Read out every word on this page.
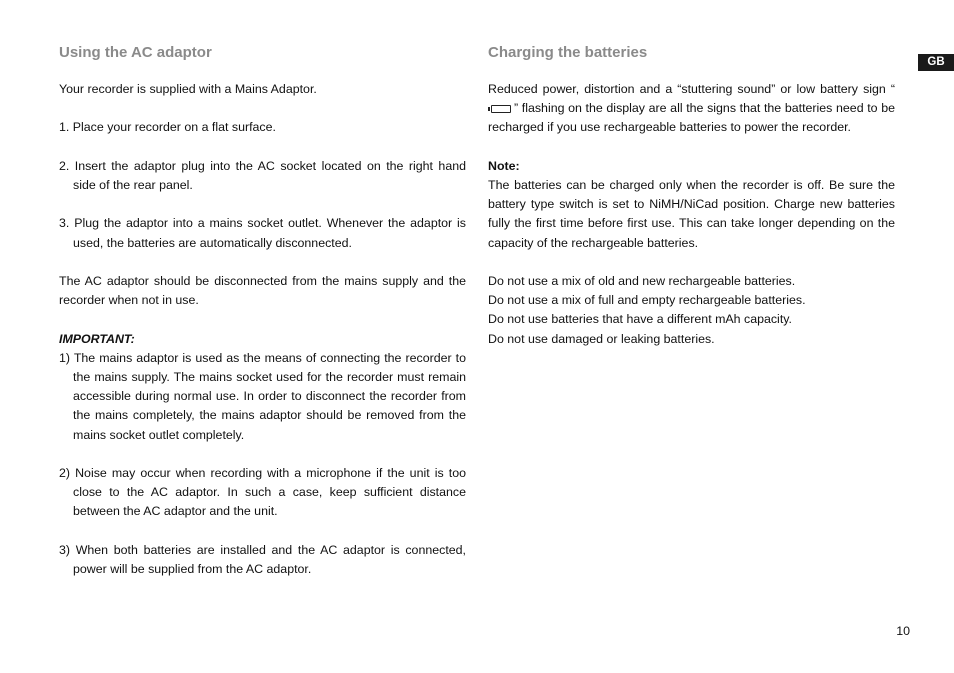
Using the AC adaptor

Your recorder is supplied with a Mains Adaptor.

1. Place your recorder on a flat surface.

2. Insert the adaptor plug into the AC socket located on the right hand side of the rear panel.

3. Plug the adaptor into a mains socket outlet. Whenever the adaptor is used, the batteries are automatically disconnected.

The AC adaptor should be disconnected from the mains supply and the recorder when not in use.

IMPORTANT:

1) The mains adaptor is used as the means of connecting the recorder to the mains supply. The mains socket used for the recorder must remain accessible during normal use. In order to disconnect the recorder from the mains completely, the mains adaptor should be removed from the mains socket outlet completely.

2) Noise may occur when recording with a microphone if the unit is too close to the AC adaptor. In such a case, keep sufficient distance between the AC adaptor and the unit.

3) When both batteries are installed and the AC adaptor is connected, power will be supplied from the AC adaptor.

Charging the batteries

Reduced power, distortion and a “stuttering sound” or low battery sign “” flashing on the display are all the signs that the batteries need to be recharged if you use rechargeable batteries to power the recorder.

Note:

The batteries can be charged only when the recorder is off. Be sure the battery type switch is set to NiMH/NiCad position. Charge new batteries fully the first time before first use. This can take longer depending on the capacity of the rechargeable batteries.

Do not use a mix of old and new rechargeable batteries.

Do not use a mix of full and empty rechargeable batteries.

Do not use batteries that have a different mAh capacity.

Do not use damaged or leaking batteries.

GB
10
